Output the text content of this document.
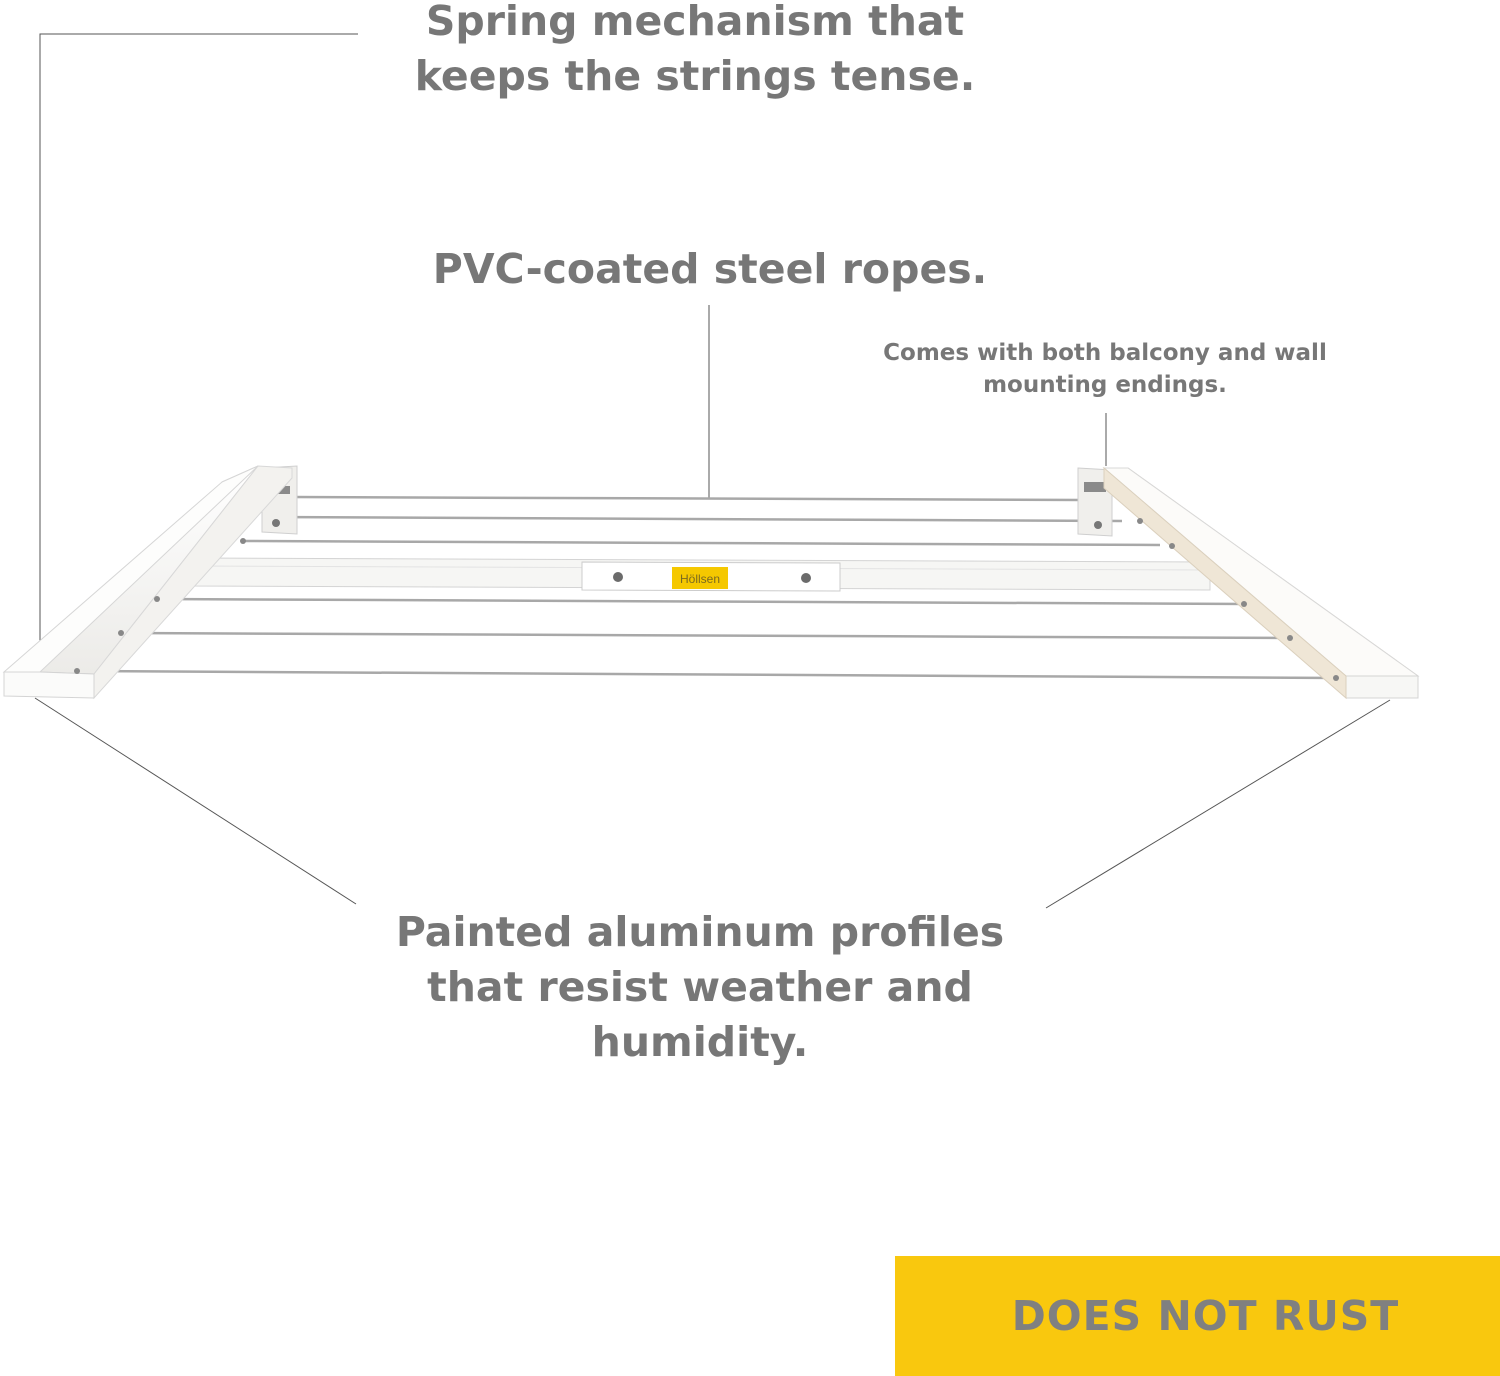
Höllsen
Spring mechanism that
keeps the strings tense.
PVC-coated steel ropes.
Comes with both balcony and wall
mounting endings.
Painted aluminum profiles
that resist weather and
humidity.
DOES NOT RUST
